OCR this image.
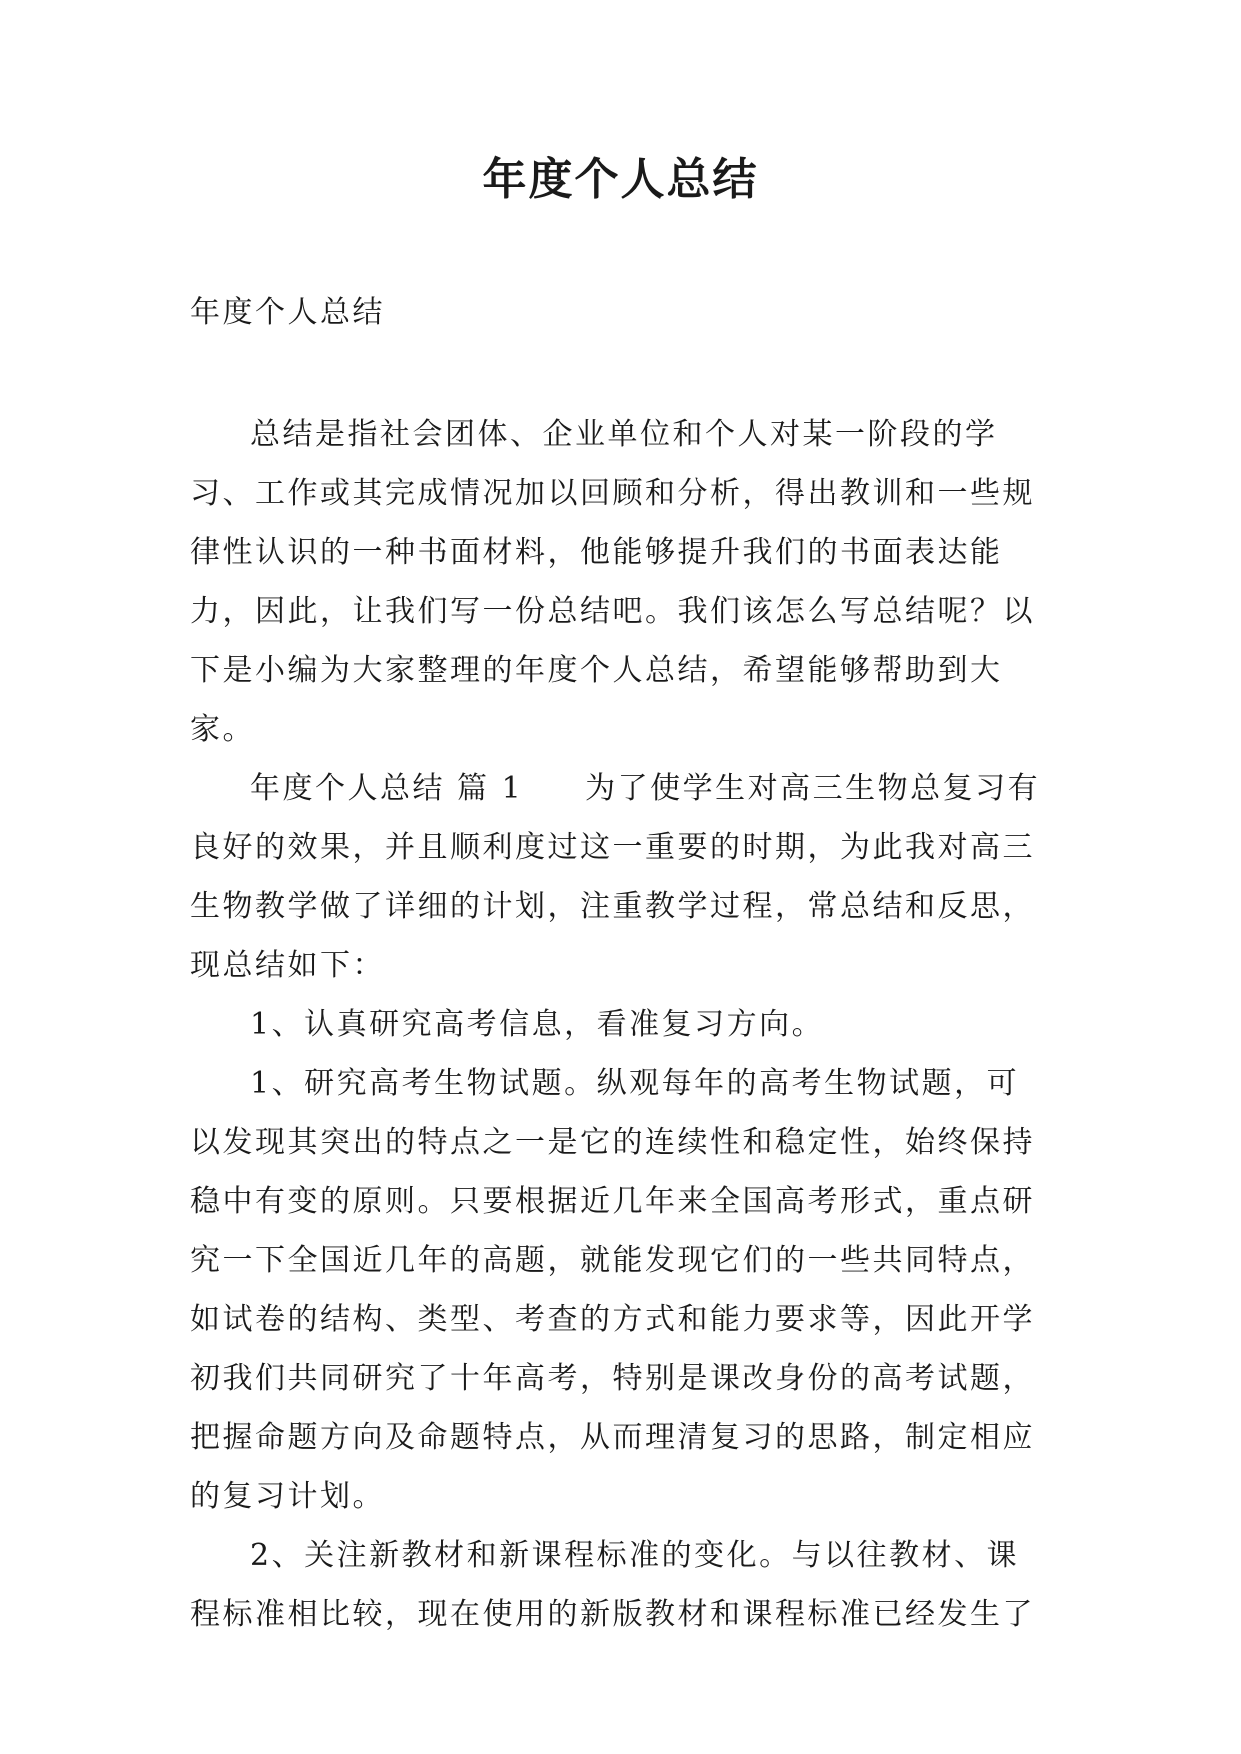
年度个人总结

年度个人总结

总结是指社会团体、企业单位和个人对某一阶段的学习、工作或其完成情况加以回顾和分析，得出教训和一些规律性认识的一种书面材料，他能够提升我们的书面表达能力，因此，让我们写一份总结吧。我们该怎么写总结呢？以下是小编为大家整理的年度个人总结，希望能够帮助到大家。

年度个人总结 篇 1 为了使学生对高三生物总复习有良好的效果，并且顺利度过这一重要的时期，为此我对高三生物教学做了详细的计划，注重教学过程，常总结和反思，现总结如下：

1、认真研究高考信息，看准复习方向。

1、研究高考生物试题。纵观每年的高考生物试题，可以发现其突出的特点之一是它的连续性和稳定性，始终保持稳中有变的原则。只要根据近几年来全国高考形式，重点研究一下全国近几年的高题，就能发现它们的一些共同特点，如试卷的结构、类型、考查的方式和能力要求等，因此开学初我们共同研究了十年高考，特别是课改身份的高考试题，把握命题方向及命题特点，从而理清复习的思路，制定相应的复习计划。

2、关注新教材和新课程标准的变化。与以往教材、课程标准相比较，现在使用的新版教材和课程标准已经发生了
